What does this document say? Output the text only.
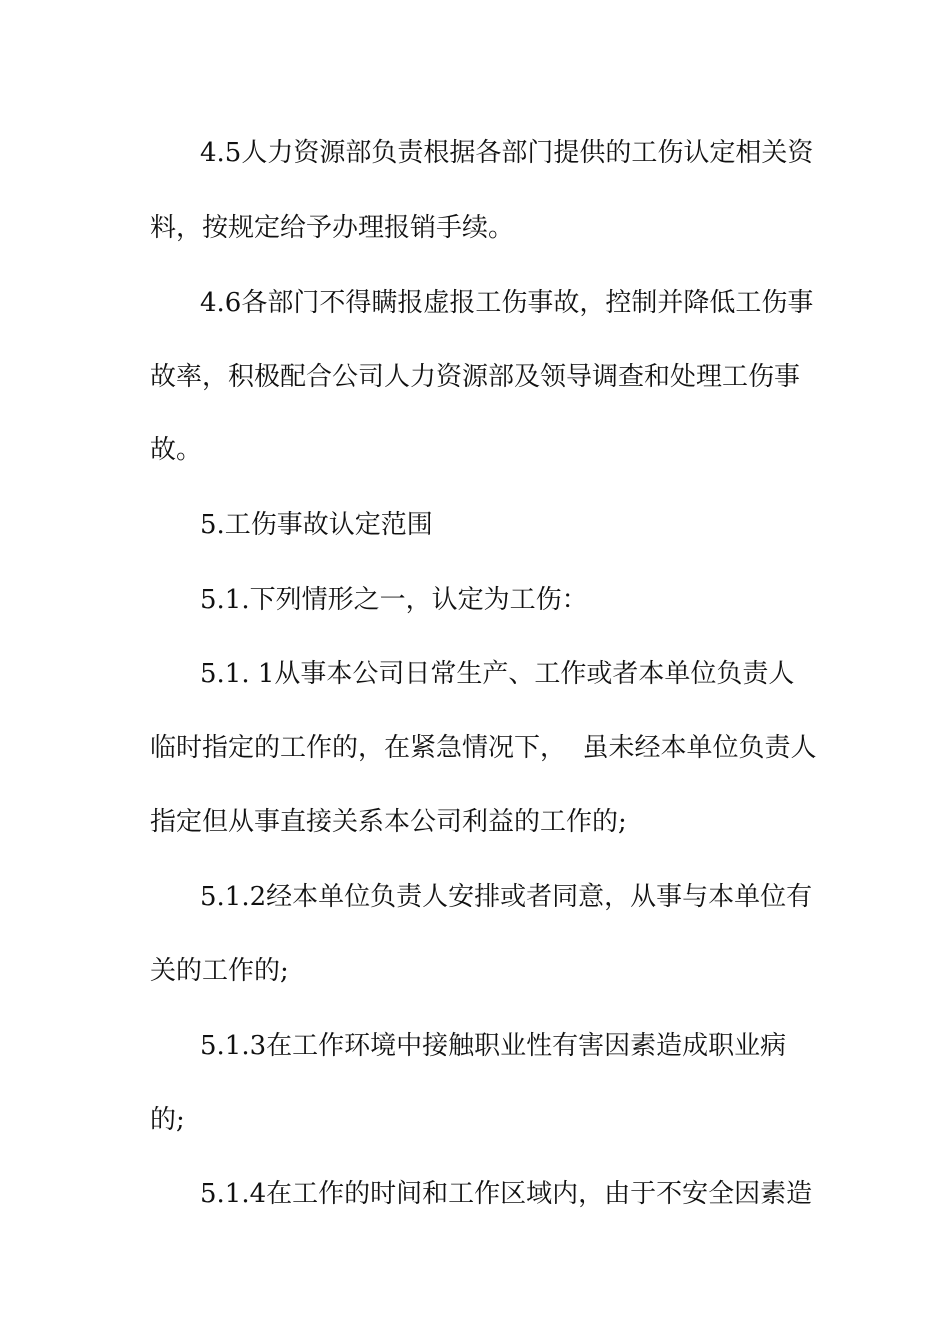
4.5人力资源部负责根据各部门提供的工伤认定相关资
料，按规定给予办理报销手续。
4.6各部门不得瞒报虚报工伤事故，控制并降低工伤事
故率，积极配合公司人力资源部及领导调查和处理工伤事
故。
5.工伤事故认定范围
5.1.下列情形之一，认定为工伤：
5.1. 1从事本公司日常生产、工作或者本单位负责人
临时指定的工作的，在紧急情况下，  虽未经本单位负责人
指定但从事直接关系本公司利益的工作的;
5.1.2经本单位负责人安排或者同意，从事与本单位有
关的工作的;
5.1.3在工作环境中接触职业性有害因素造成职业病
的;
5.1.4在工作的时间和工作区域内，由于不安全因素造
